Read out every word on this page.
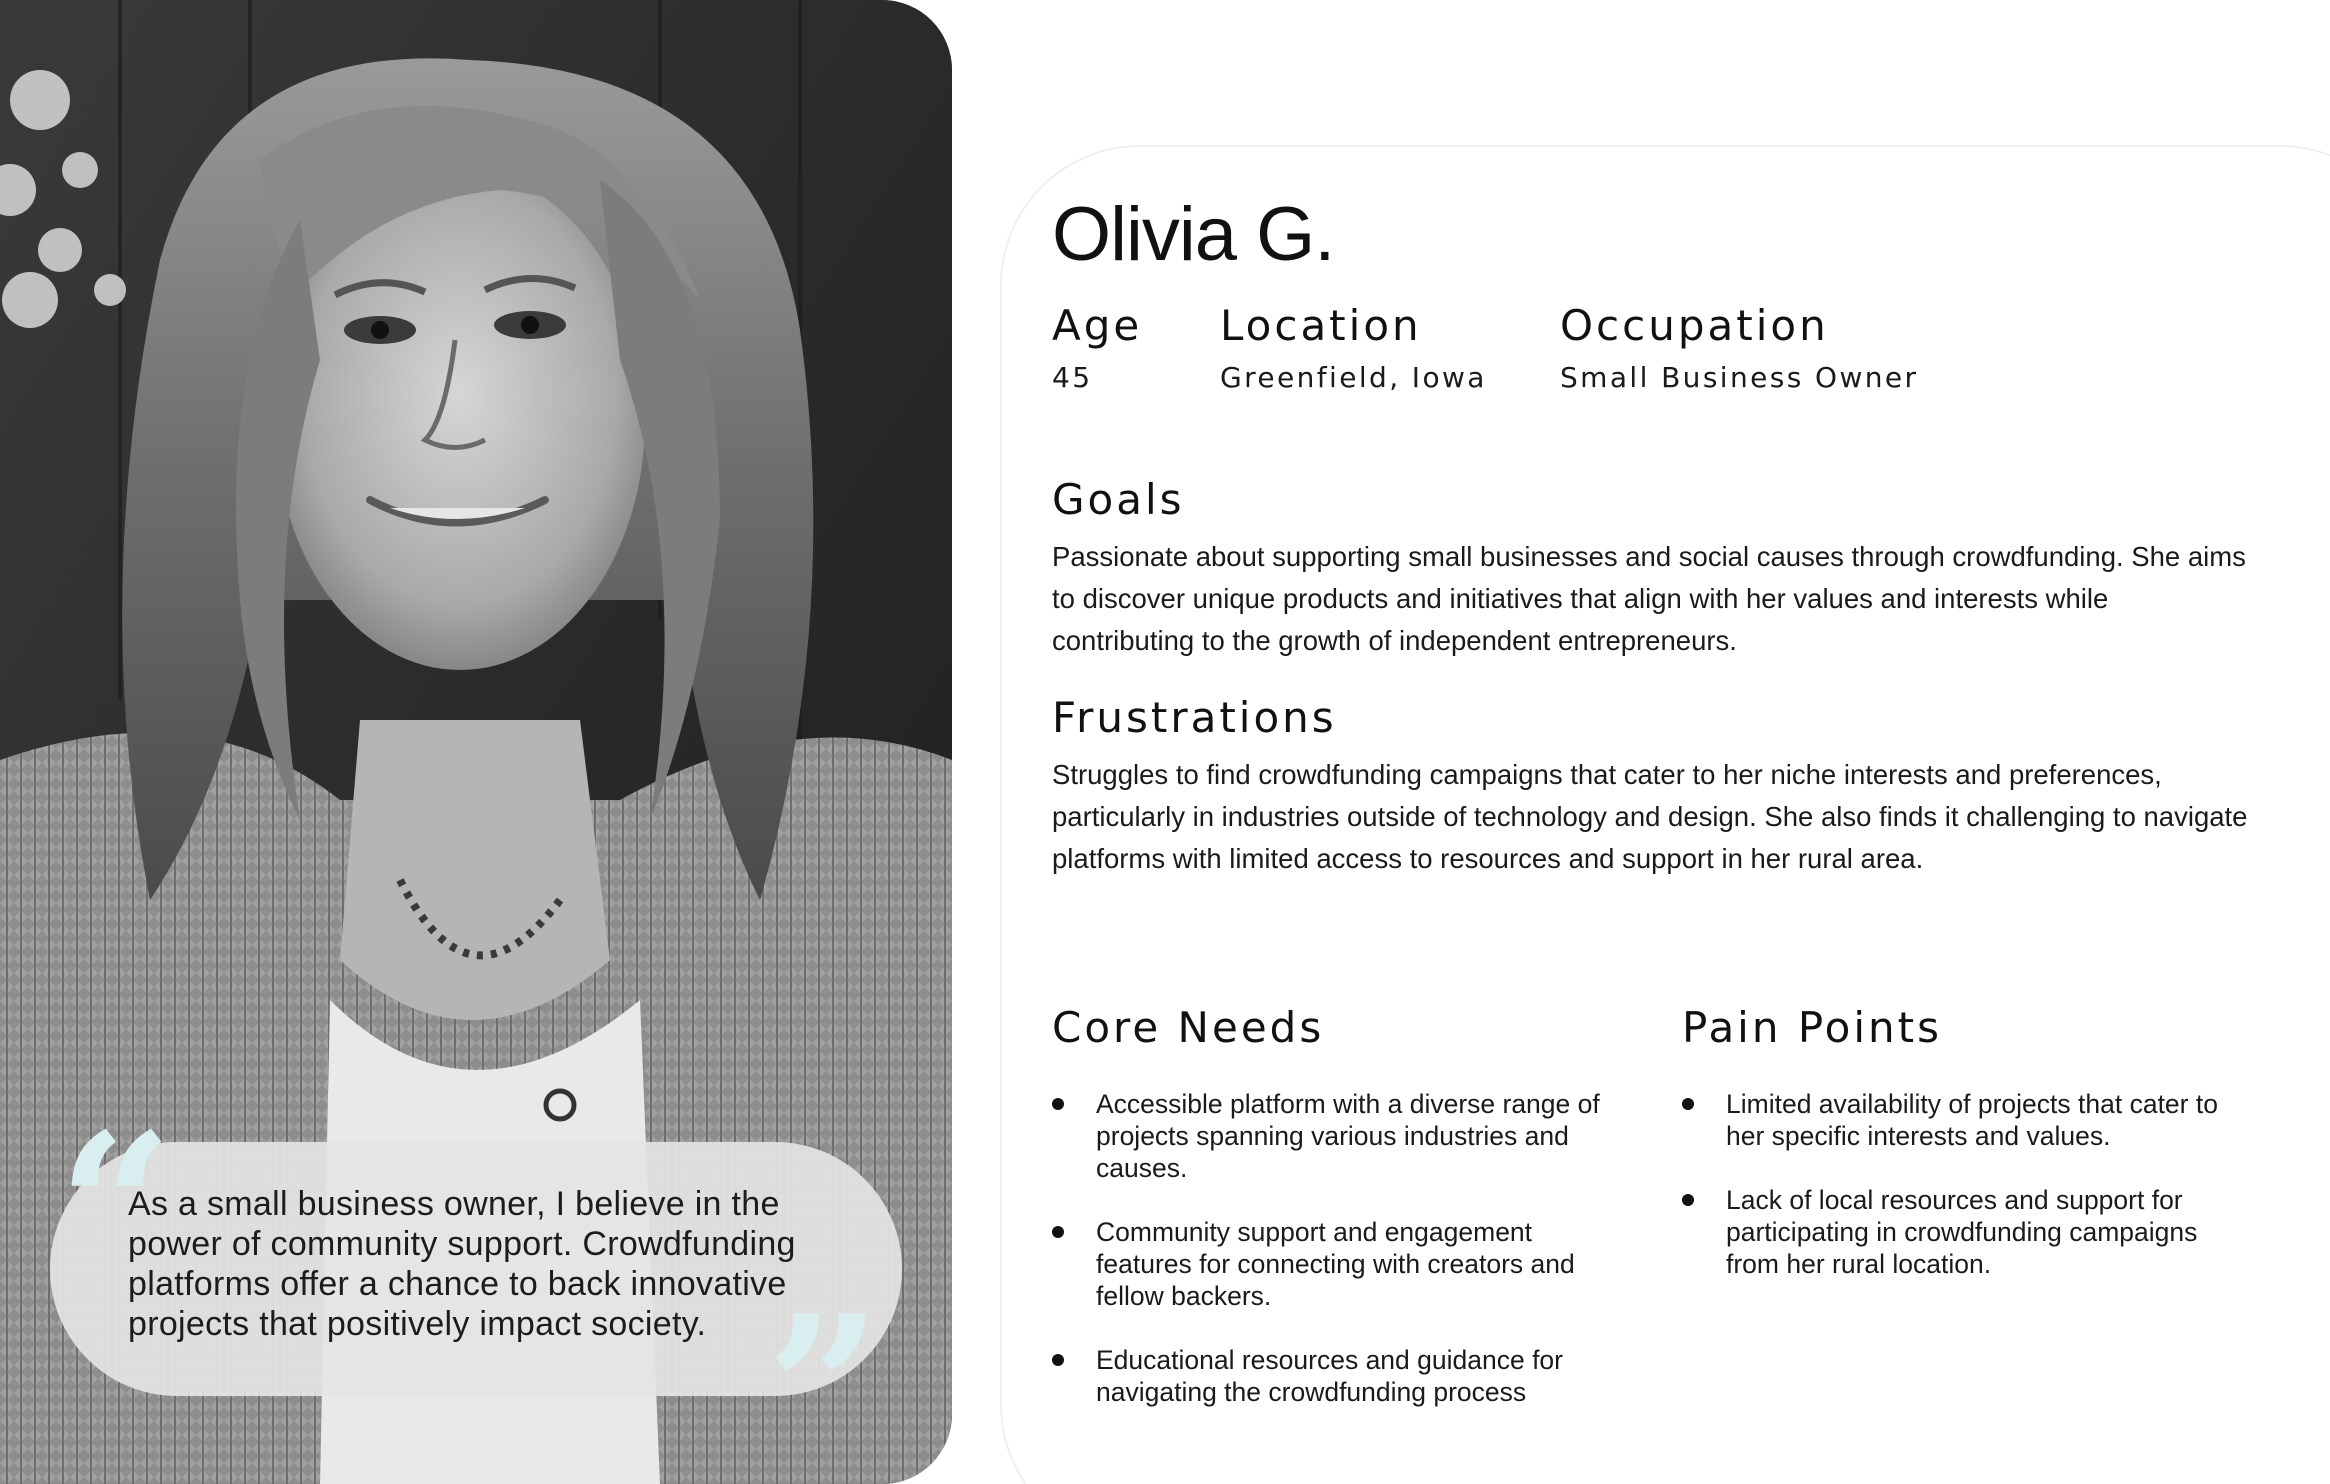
“

As a small business owner, I believe in the power of community support. Crowdfunding platforms offer a chance to back innovative projects that positively impact society. ”
Olivia G.
Age
45
Location
Greenfield, Iowa
Occupation
Small Business Owner
Goals

Passionate about supporting small businesses and social causes through crowdfunding. She aims to discover unique products and initiatives that align with her values and interests while contributing to the growth of independent entrepreneurs.

Frustrations

Struggles to find crowdfunding campaigns that cater to her niche interests and preferences, particularly in industries outside of technology and design. She also finds it challenging to navigate platforms with limited access to resources and support in her rural area.

Core Needs
Accessible platform with a diverse range of projects spanning various industries and causes.
Community support and engagement features for connecting with creators and fellow backers.
Educational resources and guidance for navigating the crowdfunding process
Pain Points
Limited availability of projects that cater to her specific interests and values.
Lack of local resources and support for participating in crowdfunding campaigns from her rural location.
